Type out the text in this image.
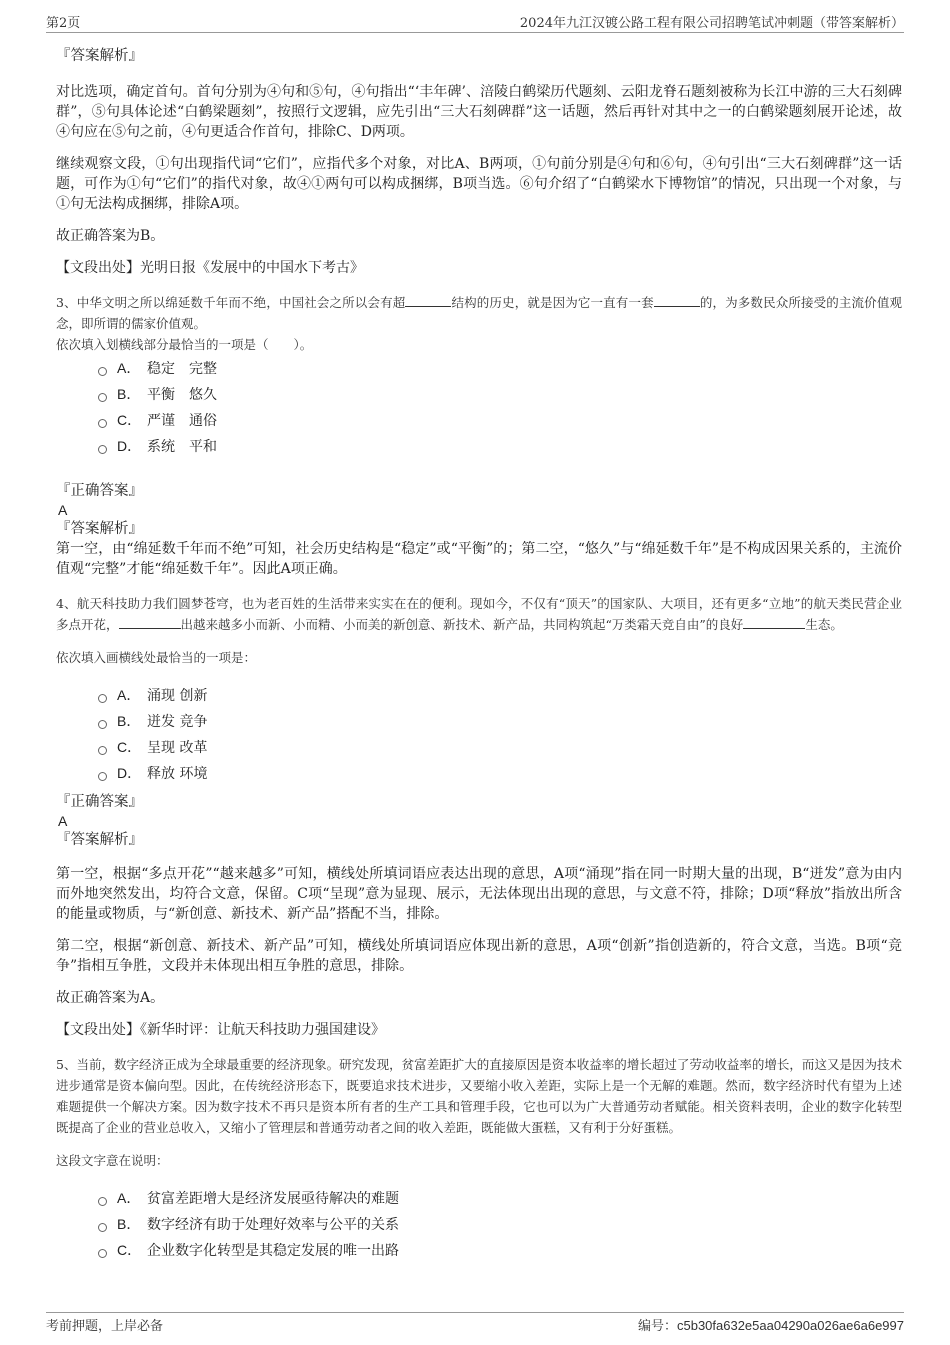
第2页	2024年九江汉镀公路工程有限公司招聘笔试冲刺题（带答案解析）

『答案解析』

对比选项，确定首句。首句分别为④句和⑤句，④句指出“‘丰年碑’、涪陵白鹤梁历代题刻、云阳龙脊石题刻被称为长江中游的三大石刻碑群”，⑤句具体论述“白鹤梁题刻”，按照行文逻辑，应先引出“三大石刻碑群”这一话题，然后再针对其中之一的白鹤梁题刻展开论述，故④句应在⑤句之前，④句更适合作首句，排除C、D两项。

继续观察文段，①句出现指代词“它们”，应指代多个对象，对比A、B两项，①句前分别是④句和⑥句，④句引出“三大石刻碑群”这一话题，可作为①句“它们”的指代对象，故④①两句可以构成捆绑，B项当选。⑥句介绍了“白鹤梁水下博物馆”的情况，只出现一个对象，与①句无法构成捆绑，排除A项。

故正确答案为B。

【文段出处】光明日报《发展中的中国水下考古》

3、中华文明之所以绵延数千年而不绝，中国社会之所以会有超	结构的历史，就是因为它一直有一套	的，为多数民众所接受的主流价值观念，即所谓的儒家价值观。

依次填入划横线部分最恰当的一项是（　　）。

A． 稳定　完整
B． 平衡　悠久
C． 严谨　通俗
D． 系统　平和

『正确答案』

A

『答案解析』

第一空，由“绵延数千年而不绝”可知，社会历史结构是“稳定”或“平衡”的；第二空，“悠久”与“绵延数千年”是不构成因果关系的，主流价值观“完整”才能“绵延数千年”。因此A项正确。

4、航天科技助力我们圆梦苍穹，也为老百姓的生活带来实实在在的便利。现如今，不仅有“顶天”的国家队、大项目，还有更多“立地”的航天类民营企业多点开花，	出越来越多小而新、小而精、小而美的新创意、新技术、新产品，共同构筑起“万类霜天竞自由”的良好	生态。

依次填入画横线处最恰当的一项是：

A． 涌现 创新
B． 迸发 竞争
C． 呈现 改革
D． 释放 环境

『正确答案』

A

『答案解析』

第一空，根据“多点开花”“越来越多”可知，横线处所填词语应表达出现的意思，A项“涌现”指在同一时期大量的出现，B“迸发”意为由内而外地突然发出，均符合文意，保留。C项“呈现”意为显现、展示，无法体现出出现的意思，与文意不符，排除；D项“释放”指放出所含的能量或物质，与“新创意、新技术、新产品”搭配不当，排除。

第二空，根据“新创意、新技术、新产品”可知，横线处所填词语应体现出新的意思，A项“创新”指创造新的，符合文意，当选。B项“竞争”指相互争胜，文段并未体现出相互争胜的意思，排除。

故正确答案为A。

【文段出处】《新华时评：让航天科技助力强国建设》

5、当前，数字经济正成为全球最重要的经济现象。研究发现，贫富差距扩大的直接原因是资本收益率的增长超过了劳动收益率的增长，而这又是因为技术进步通常是资本偏向型。因此，在传统经济形态下，既要追求技术进步，又要缩小收入差距，实际上是一个无解的难题。然而，数字经济时代有望为上述难题提供一个解决方案。因为数字技术不再只是资本所有者的生产工具和管理手段，它也可以为广大普通劳动者赋能。相关资料表明，企业的数字化转型既提高了企业的营业总收入，又缩小了管理层和普通劳动者之间的收入差距，既能做大蛋糕，又有利于分好蛋糕。

这段文字意在说明：

A． 贫富差距增大是经济发展亟待解决的难题
B． 数字经济有助于处理好效率与公平的关系
C． 企业数字化转型是其稳定发展的唯一出路
考前押题，上岸必备	编号：c5b30fa632e5aa04290a026ae6a6e997
